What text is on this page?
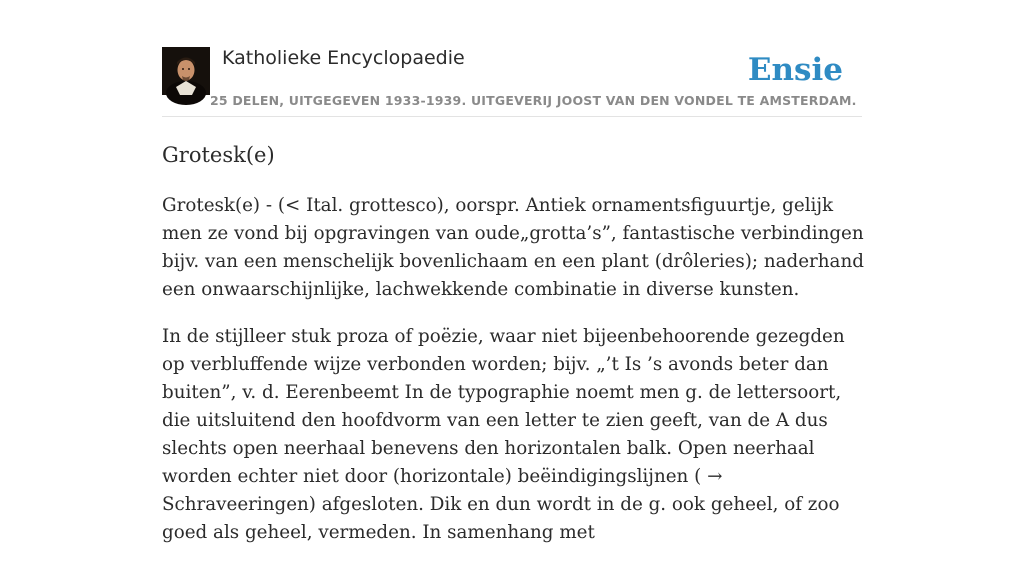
Katholieke Encyclopaedie
25 DELEN, UITGEGEVEN 1933-1939. UITGEVERIJ JOOST VAN DEN VONDEL TE AMSTERDAM.
Ensie
Grotesk(e)

Grotesk(e) - (< Ital. grottesco), oorspr. Antiek ornamentsfiguurtje, gelijk men ze vond bij opgravingen van oude„grotta’s”, fantastische verbindingen bijv. van een menschelijk bovenlichaam en een plant (drôleries); naderhand een onwaarschijnlijke, lachwekkende combinatie in diverse kunsten.

In de stijlleer stuk proza of poëzie, waar niet bijeenbehoorende gezegden op verbluffende wijze verbonden worden; bijv. „’t Is ’s avonds beter dan buiten”, v. d. Eerenbeemt In de typographie noemt men g. de lettersoort, die uitsluitend den hoofdvorm van een letter te zien geeft, van de A dus slechts open neerhaal benevens den horizontalen balk. Open neerhaal worden echter niet door (horizontale) beëindigingslijnen ( → Schraveeringen) afgesloten. Dik en dun wordt in de g. ook geheel, of zoo goed als geheel, vermeden. In samenhang met
